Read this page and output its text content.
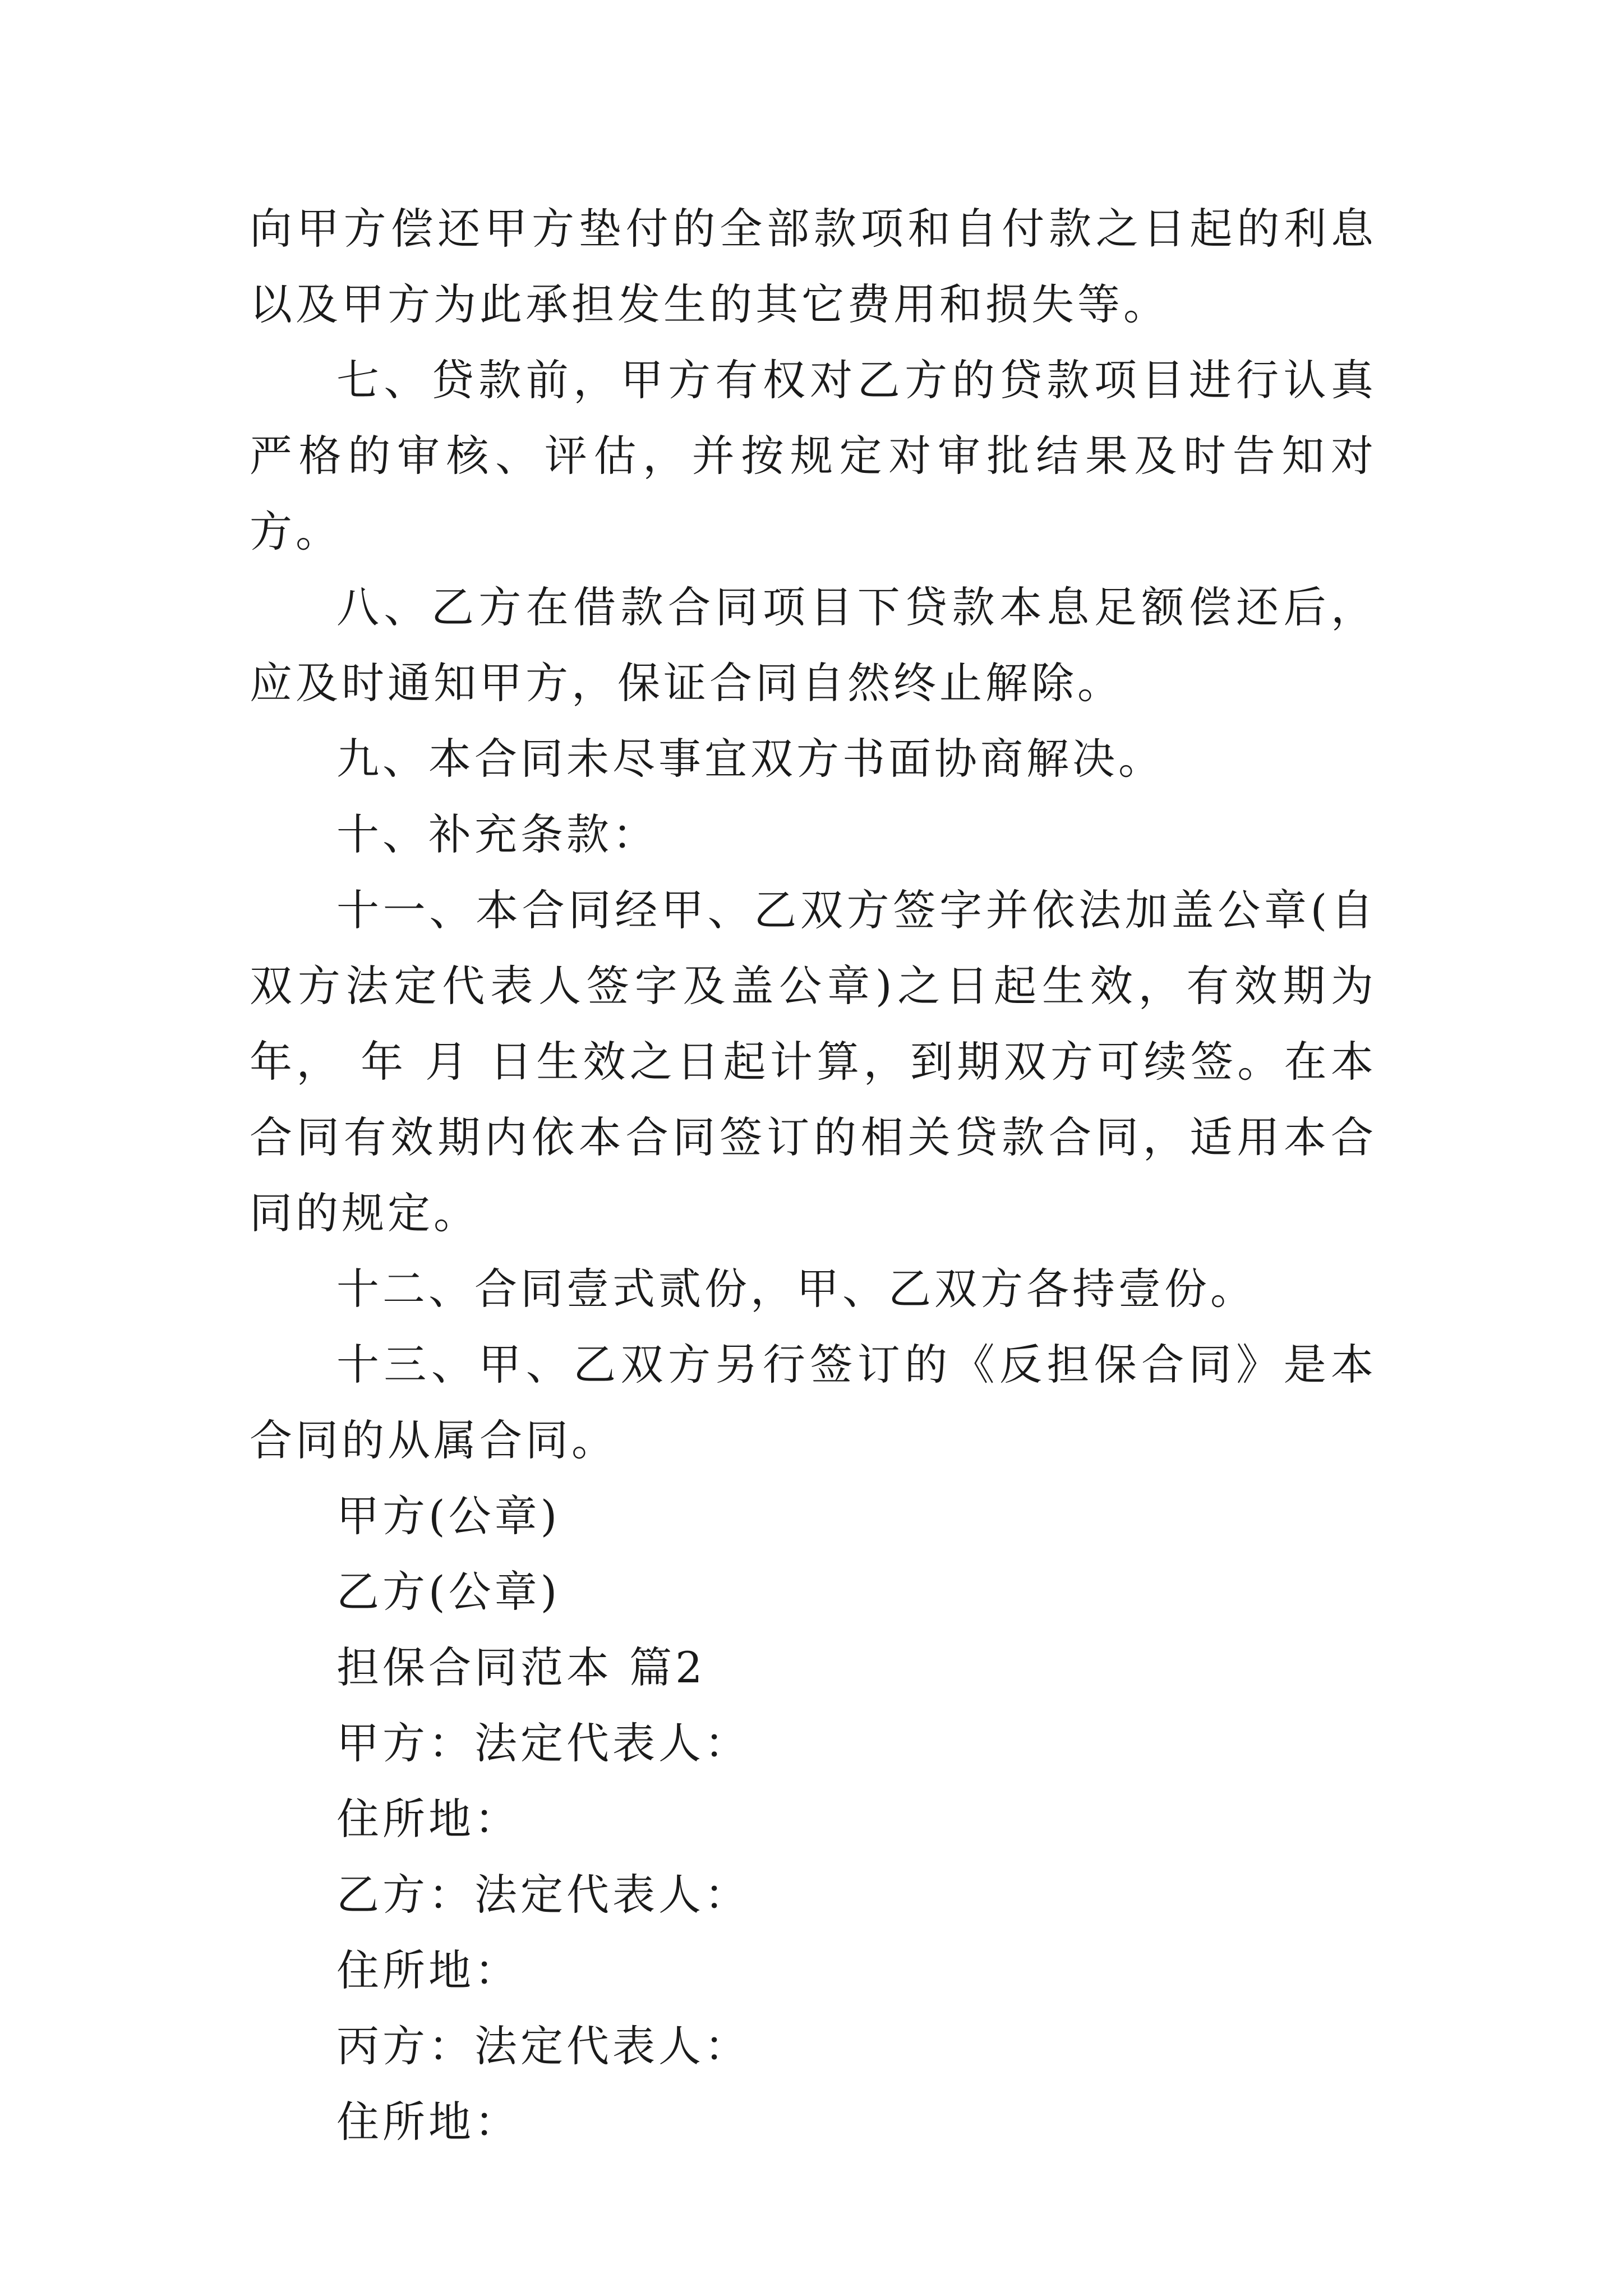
向甲方偿还甲方垫付的全部款项和自付款之日起的利息以及甲方为此承担发生的其它费用和损失等。

七、贷款前，甲方有权对乙方的贷款项目进行认真严格的审核、评估，并按规定对审批结果及时告知对方。

八、乙方在借款合同项目下贷款本息足额偿还后，应及时通知甲方，保证合同自然终止解除。

九、本合同未尽事宜双方书面协商解决。

十、补充条款：

十一、本合同经甲、乙双方签字并依法加盖公章(自双方法定代表人签字及盖公章)之日起生效，有效期为 年， 年 月 日生效之日起计算，到期双方可续签。在本合同有效期内依本合同签订的相关贷款合同，适用本合同的规定。

十二、合同壹式贰份，甲、乙双方各持壹份。

十三、甲、乙双方另行签订的《反担保合同》是本合同的从属合同。

甲方(公章)

乙方(公章)

担保合同范本 篇2

甲方：法定代表人：

住所地：

乙方：法定代表人：

住所地：

丙方：法定代表人：

住所地：
